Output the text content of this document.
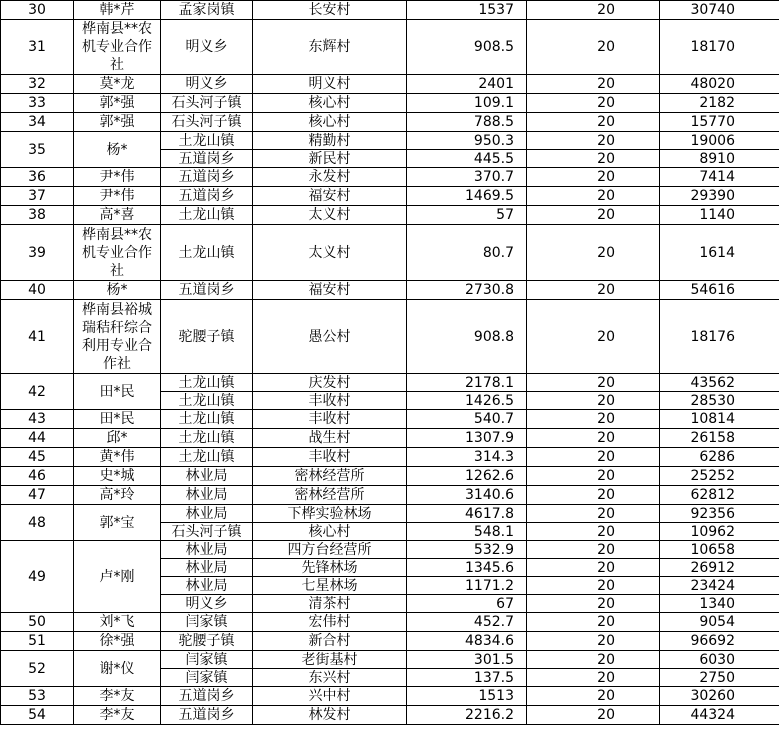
30	韩*芹	孟家岗镇	长安村	1537	20	30740
31	桦南县**农机专业合作社	明义乡	东辉村	908.5	20	18170
32	莫*龙	明义乡	明义村	2401	20	48020
33	郭*强	石头河子镇	核心村	109.1	20	2182
34	郭*强	石头河子镇	核心村	788.5	20	15770
35	杨*	土龙山镇	精勤村	950.3	20	19006
		五道岗乡	新民村	445.5	20	8910
36	尹*伟	五道岗乡	永发村	370.7	20	7414
37	尹*伟	五道岗乡	福安村	1469.5	20	29390
38	高*喜	土龙山镇	太义村	57	20	1140
39	桦南县**农机专业合作社	土龙山镇	太义村	80.7	20	1614
40	杨*	五道岗乡	福安村	2730.8	20	54616
41	桦南县裕城瑞秸秆综合利用专业合作社	驼腰子镇	愚公村	908.8	20	18176
42	田*民	土龙山镇	庆发村	2178.1	20	43562
		土龙山镇	丰收村	1426.5	20	28530
43	田*民	土龙山镇	丰收村	540.7	20	10814
44	邱*	土龙山镇	战生村	1307.9	20	26158
45	黄*伟	土龙山镇	丰收村	314.3	20	6286
46	史*城	林业局	密林经营所	1262.6	20	25252
47	高*玲	林业局	密林经营所	3140.6	20	62812
48	郭*宝	林业局	下桦实验林场	4617.8	20	92356
		石头河子镇	核心村	548.1	20	10962
49	卢*刚	林业局	四方台经营所	532.9	20	10658
		林业局	先锋林场	1345.6	20	26912
		林业局	七星林场	1171.2	20	23424
		明义乡	清茶村	67	20	1340
50	刘*飞	闫家镇	宏伟村	452.7	20	9054
51	徐*强	驼腰子镇	新合村	4834.6	20	96692
52	谢*仪	闫家镇	老街基村	301.5	20	6030
		闫家镇	东兴村	137.5	20	2750
53	李*友	五道岗乡	兴中村	1513	20	30260
54	李*友	五道岗乡	林发村	2216.2	20	44324
